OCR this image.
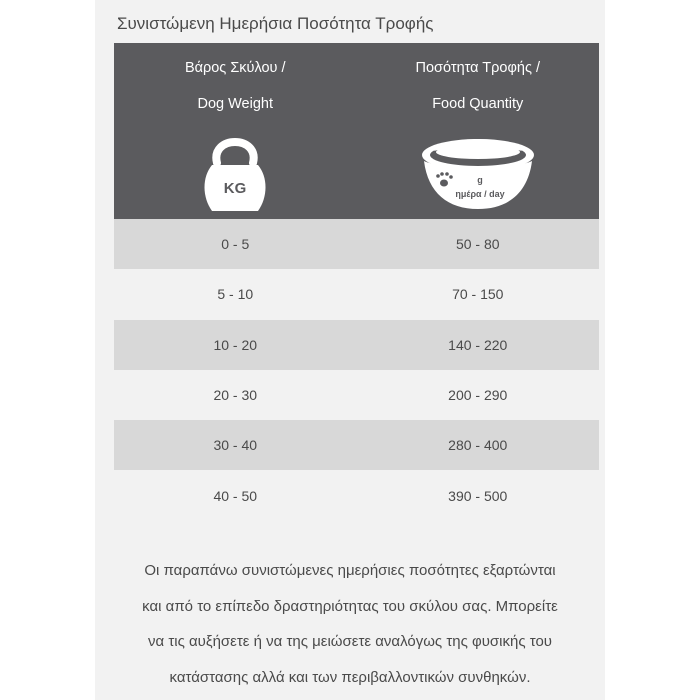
Συνιστώμενη Ημερήσια Ποσότητα Τροφής
Βάρος Σκύλου /
Dog Weight
KG
Ποσότητα Τροφής /
Food Quantity
g
ημέρα / day
0 - 5	50 - 80
5 - 10	70 - 150
10 - 20	140 - 220
20 - 30	200 - 290
30 - 40	280 - 400
40 - 50	390 - 500
Οι παραπάνω συνιστώμενες ημερήσιες ποσότητες εξαρτώνται
και από το επίπεδο δραστηριότητας του σκύλου σας. Μπορείτε
να τις αυξήσετε ή να της μειώσετε αναλόγως της φυσικής του
κατάστασης αλλά και των περιβαλλοντικών συνθηκών.
